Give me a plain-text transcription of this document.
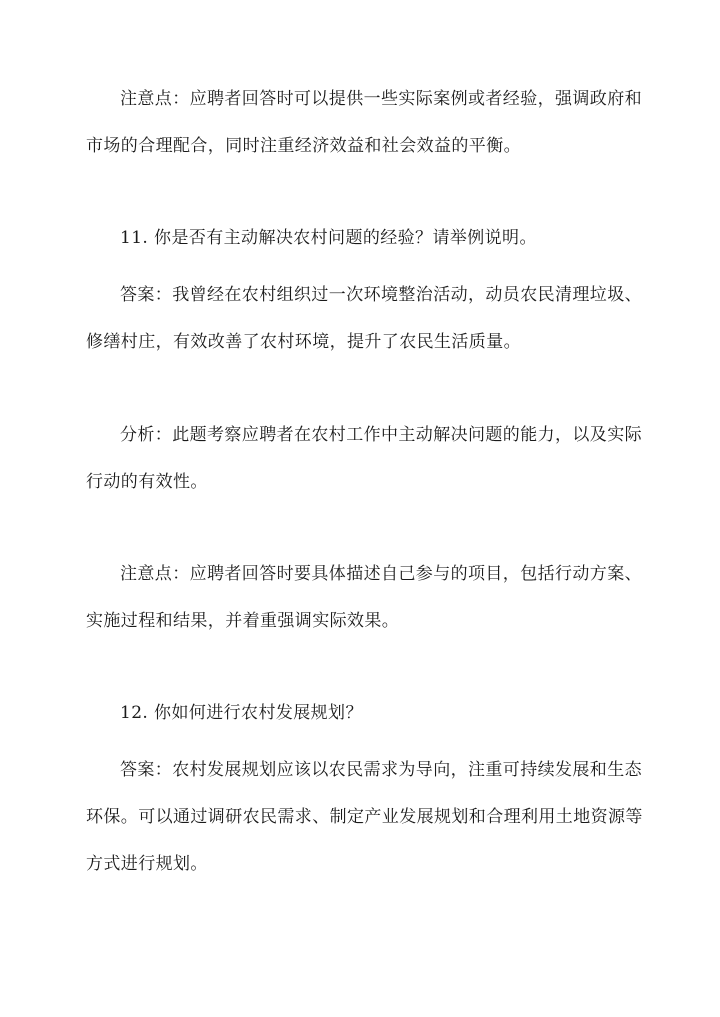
注意点：应聘者回答时可以提供一些实际案例或者经验，强调政府和
市场的合理配合，同时注重经济效益和社会效益的平衡。
11. 你是否有主动解决农村问题的经验？请举例说明。
答案：我曾经在农村组织过一次环境整治活动，动员农民清理垃圾、
修缮村庄，有效改善了农村环境，提升了农民生活质量。
分析：此题考察应聘者在农村工作中主动解决问题的能力，以及实际
行动的有效性。
注意点：应聘者回答时要具体描述自己参与的项目，包括行动方案、
实施过程和结果，并着重强调实际效果。
12. 你如何进行农村发展规划？
答案：农村发展规划应该以农民需求为导向，注重可持续发展和生态
环保。可以通过调研农民需求、制定产业发展规划和合理利用土地资源等
方式进行规划。
